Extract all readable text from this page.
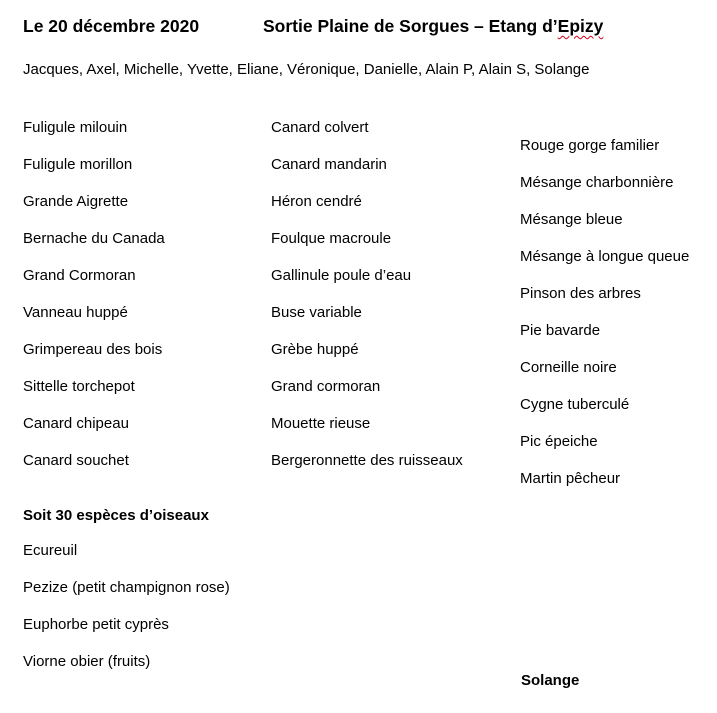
Le 20 décembre 2020	Sortie Plaine de Sorgues – Etang d’Epizy
Jacques, Axel, Michelle, Yvette, Eliane, Véronique, Danielle, Alain P, Alain S, Solange
Fuligule milouin
Fuligule morillon
Grande Aigrette
Bernache du Canada
Grand Cormoran
Vanneau huppé
Grimpereau des bois
Sittelle torchepot
Canard chipeau
Canard souchet
Canard colvert
Canard mandarin
Héron cendré
Foulque macroule
Gallinule poule d’eau
Buse variable
Grèbe huppé
Grand cormoran
Mouette rieuse
Bergeronnette des ruisseaux
Rouge gorge familier
Mésange charbonnière
Mésange bleue
Mésange à longue queue
Pinson des arbres
Pie bavarde
Corneille noire
Cygne tuberculé
Pic épeiche
Martin pêcheur
Soit 30 espèces d’oiseaux
Ecureuil
Pezize (petit champignon rose)
Euphorbe petit cyprès
Viorne obier (fruits)
Solange
